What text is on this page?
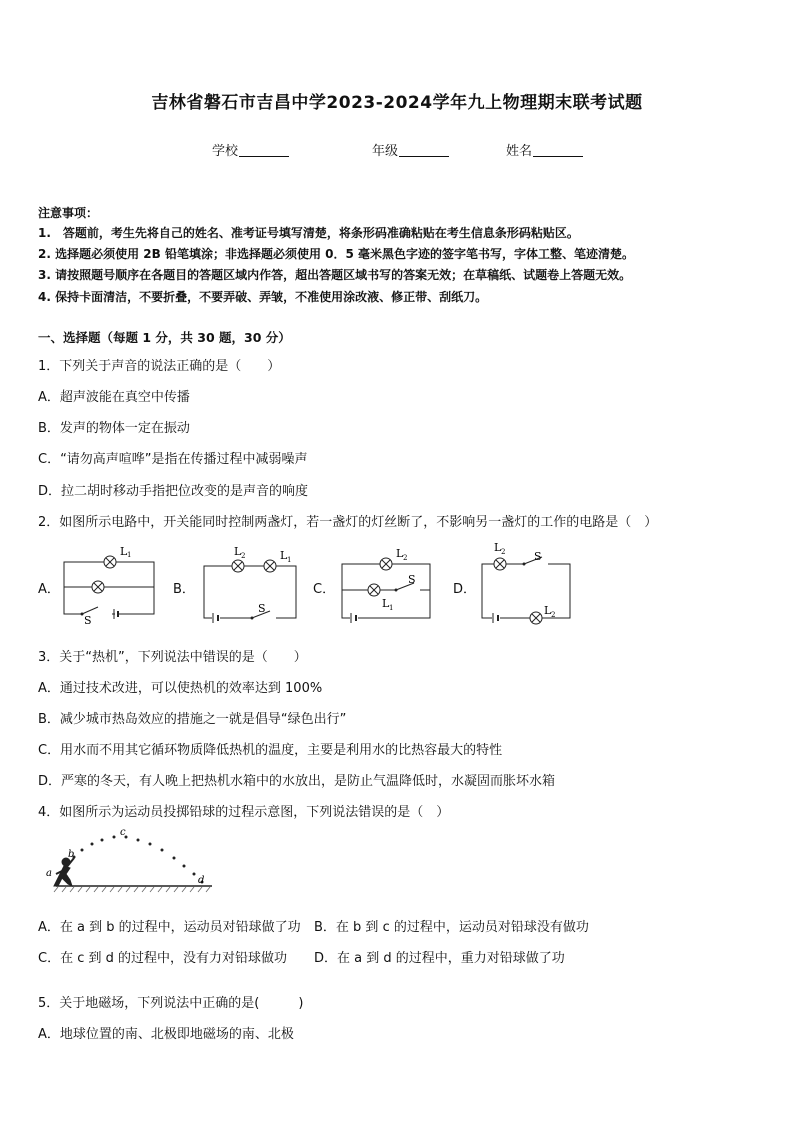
吉林省磐石市吉昌中学2023-2024学年九上物理期末联考试题
学校	年级	姓名
注意事项：
1.　答题前，考生先将自己的姓名、准考证号填写清楚，将条形码准确粘贴在考生信息条形码粘贴区。
2. 选择题必须使用 2B 铅笔填涂；非选择题必须使用 0．5 毫米黑色字迹的签字笔书写，字体工整、笔迹清楚。
3. 请按照题号顺序在各题目的答题区域内作答，超出答题区域书写的答案无效；在草稿纸、试题卷上答题无效。
4. 保持卡面清洁，不要折叠，不要弄破、弄皱，不准使用涂改液、修正带、刮纸刀。
一、选择题（每题 1 分，共 30 题，30 分）
1．下列关于声音的说法正确的是（　　）
A．超声波能在真空中传播
B．发声的物体一定在振动
C．“请勿高声喧哗”是指在传播过程中减弱噪声
D．拉二胡时移动手指把位改变的是声音的响度
2．如图所示电路中，开关能同时控制两盏灯，若一盏灯的灯丝断了，不影响另一盏灯的工作的电路是（　）
A．
L 1
S
B．
L 2	L 1
S
C．
L 2
L 1
S
D．
L 2	S
L 2
3．关于“热机”，下列说法中错误的是（　　）
A．通过技术改进，可以使热机的效率达到 100%
B．减少城市热岛效应的措施之一就是倡导“绿色出行”
C．用水而不用其它循环物质降低热机的温度，主要是利用水的比热容最大的特性
D．严寒的冬天，有人晚上把热机水箱中的水放出，是防止气温降低时，水凝固而胀坏水箱
4．如图所示为运动员投掷铅球的过程示意图，下列说法错误的是（　）
a
b
c
d
A．在 a 到 b 的过程中，运动员对铅球做了功 B．在 b 到 c 的过程中，运动员对铅球没有做功
C．在 c 到 d 的过程中，没有力对铅球做功 D．在 a 到 d 的过程中，重力对铅球做了功
5．关于地磁场，下列说法中正确的是(　　　)
A．地球位置的南、北极即地磁场的南、北极
